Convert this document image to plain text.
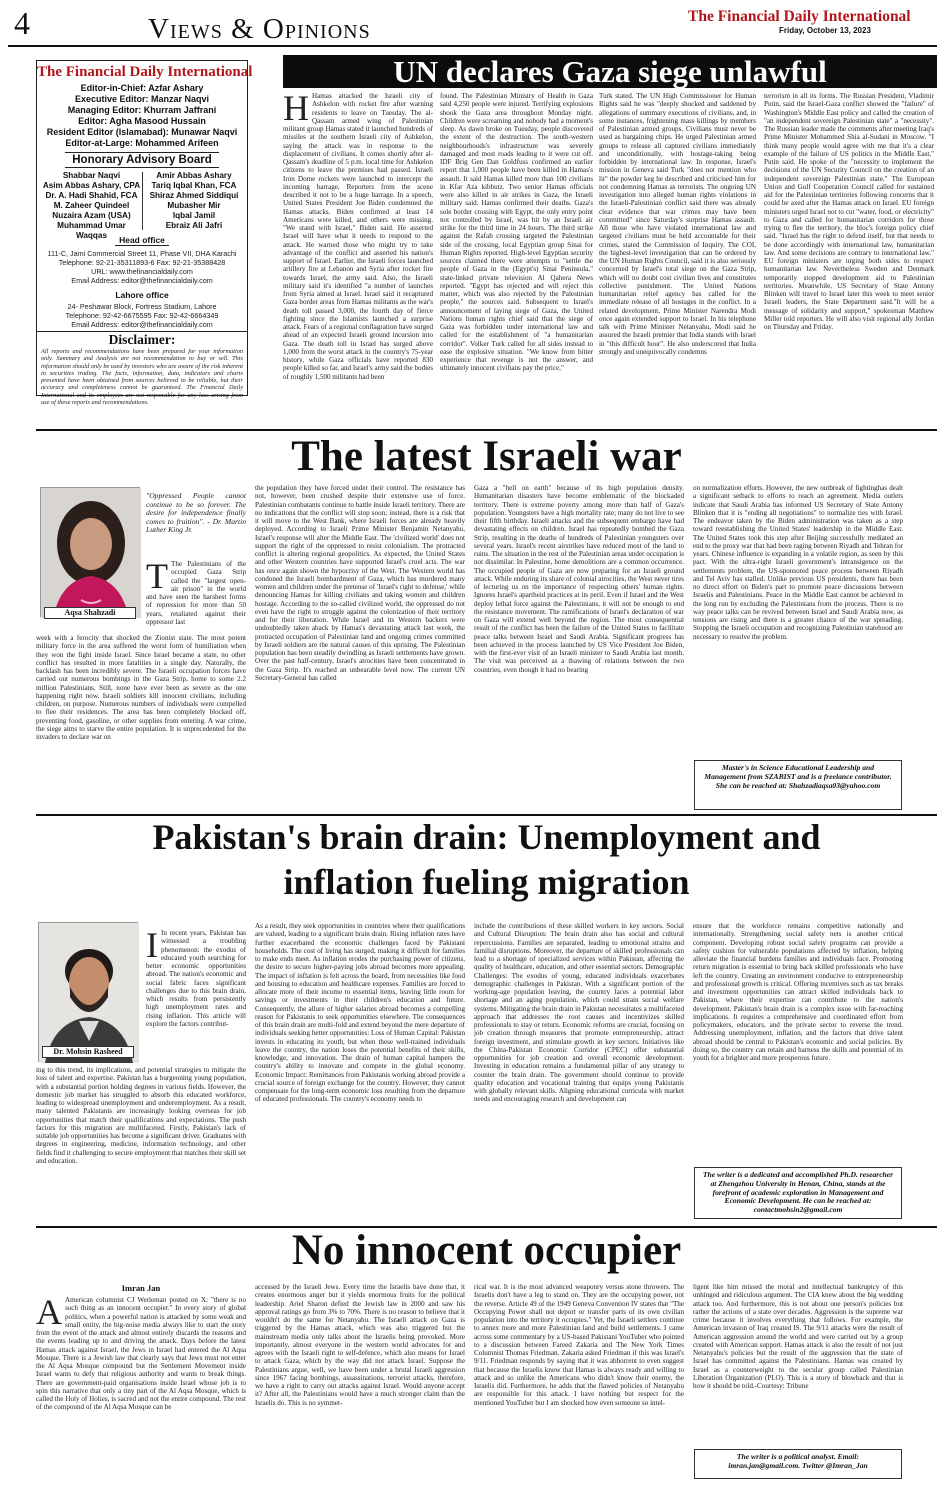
4	Views & Opinions	The Financial Daily International
Friday, October 13, 2023
The Financial Daily International
Editor-in-Chief: Azfar Ashary
Executive Editor: Manzar Naqvi
Managing Editor: Khurram Jaffrani
Editor: Agha Masood Hussain
Resident Editor (Islamabad): Munawar Naqvi
Editor-at-Large: Mohammed Arifeen
Honorary Advisory Board
Shabbar Naqvi
Asim Abbas Ashary, CPA
Dr. A. Hadi Shahid, FCA
M. Zaheer Quindeel
Nuzaira Azam (USA)
Muhammad Umar Waqqas
Amir Abbas Ashary
Tariq Iqbal Khan, FCA
Shiraz Ahmed Siddiqui
Mubasher Mir
Iqbal Jamil
Ebraiz Ali Jafri
Head office
111-C, Jami Commercial Street 11, Phase VII, DHA Karachi
Telephone: 92-21-35311893-6 Fax: 92-21-35388428
URL: www.thefinancialdaily.com
Email Address: editor@thefinancialdaily.com
Lahore office
24- Peshawar Block, Fortress Stadium, Lahore
Telephone: 92-42-6675595 Fax: 92-42-6664349
Email Address: editor@thefinancialdaily.com
Disclaimer:
All reports and recommendations have been prepared for your information only. Summary and Analysis are not recommendation to buy or sell. This information should only be used by investors who are aware of the risk inherent in securities trading. The facts, information, data, indicators and charts presented have been obtained from sources believed to be reliable, but their accuracy and completeness cannot be guaranteed. The Financial Daily International and its employees are not responsible for any loss arising from use of these reports and recommendations.
UN declares Gaza siege unlawful
H Hamas attacked the Israeli city of Ashkelon with rocket fire after warning residents to leave on Tuesday. The al-Qassam armed wing of Palestinian militant group Hamas stated it launched hundreds of missiles at the southern Israeli city of Ashkelon, saying the attack was in response to the displacement of civilians. It comes shortly after al-Qassam's deadline of 5 p.m. local time for Ashkelon citizens to leave the premises had passed. Israeli Iron Dome rockets were launched to intercept the incoming barrage, Reporters from the scene described it not to be a huge barrage. In a speech, United States President Joe Biden condemned the Hamas attacks. Biden confirmed at least 14 Americans were killed, and others were missing. "We stand with Israel," Biden said. He asserted Israel will have what it needs to respond to the attack. He warned those who might try to take advantage of the conflict and asserted his nation's support of Israel. Earlier, the Israeli forces launched artillery fire at Lebanon and Syria after rocket fire towards Israel, the army said. Also, the Israeli military said it's identified "a number of launches from Syria aimed at Israel. Israel said it recaptured Gaza border areas from Hamas militants as the war's death toll passed 3,000, the fourth day of fierce fighting since the Islamists launched a surprise attack. Fears of a regional conflagration have surged ahead of an expected Israeli ground incursion into Gaza. The death toll in Israel has surged above 1,000 from the worst attack in the country's 75-year history, while Gaza officials have reported 830 people killed so far, and Israel's army said the bodies of roughly 1,500 militants had been
found. The Palestinian Ministry of Health in Gaza said 4,250 people were injured. Terrifying explosions shook the Gaza area throughout Monday night. Children were screaming and nobody had a moment's sleep. As dawn broke on Tuesday, people discovered the extent of the destruction. The south-western neighbourhoods's infrastructure was severely damaged and most roads leading to it were cut off. IDF Brig Gen Dan Goldfuss confirmed an earlier report that 1,000 people have been killed in Hamas's assault. It said Hamas killed more than 100 civilians in Kfar Aza kibbutz. Two senior Hamas officials were also killed in air strikes in Gaza, the Israeli military said. Hamas confirmed their deaths. Gaza's sole border crossing with Egypt, the only entry point not controlled by Israel, was hit by an Israeli air strike for the third time in 24 hours. The third strike against the Rafah crossing targeted the Palestinian side of the crossing, local Egyptian group Sinai for Human Rights reported. High-level Egyptian security sources claimed there were attempts to "settle the people of Gaza in the (Egypt's) Sinai Peninsula," state-linked private television Al Qahera News reported. "Egypt has rejected and will reject this matter, which was also rejected by the Palestinian people," the sources said. Subsequent to Israel's announcement of laying siege of Gaza, the United Nations human rights chief said that the siege of Gaza was forbidden under international law and called for the establishment of "a humanitarian corridor". Volker Turk called for all sides instead to ease the explosive situation. "We know from bitter experience that revenge is not the answer, and ultimately innocent civilians pay the price,"
Turk stated. The UN High Commissioner for Human Rights said he was "deeply shocked and saddened by allegations of summary executions of civilians, and, in some instances, frightening mass killings by members of Palestinian armed groups. Civilians must never be used as bargaining chips. He urged Palestinian armed groups to release all captured civilians immediately and unconditionally, with hostage-taking being forbidden by international law. In response, Israel's mission in Geneva said Turk "does not mention who lit" the powder keg he described and criticised him for not condemning Hamas as terrorists. The ongoing UN investigation into alleged human rights violations in the Israeli-Palestinian conflict said there was already clear evidence that war crimes may have been committed" since Saturday's surprise Hamas assault. All those who have violated international law and targeted civilians must be held accountable for their crimes, stated the Commission of Inquiry. The COI, the highest-level investigation that can be ordered by the UN Human Rights Council, said it is also seriously concerned by Israel's total siege on the Gaza Strip, which will no doubt cost civilian lives and constitutes collective punishment. The United Nations humanitarian relief agency has called for the immediate release of all hostages in the conflict. In a related development, Prime Minister Narendra Modi once again extended support to Israel. In his telephone talk with Prime Minister Netanyahu, Modi said he assured the Israeli premier that India stands with Israel in "this difficult hour". He also underscored that India strongly and unequivocally condemns
terrorism in all its forms. The Russian President, Vladimir Putin, said the Israel-Gaza conflict showed the "failure" of Washington's Middle East policy and called the creation of "an independent sovereign Palestinian state" a "necessity". The Russian leader made the comments after meeting Iraq's Prime Minister Mohammed Shia al-Sudani in Moscow. "I think many people would agree with me that it's a clear example of the failure of US politics in the Middle East," Putin said. He spoke of the "necessity to implement the decisions of the UN Security Council on the creation of an independent sovereign Palestinian state." The European Union and Gulf Cooperation Council called for sustained aid for the Palestinian territories following concerns that it could be axed after the Hamas attack on Israel. EU foreign ministers urged Israel not to cut "water, food, or electricity" to Gaza and called for humanitarian corridors for those trying to flee the territory, the bloc's foreign policy chief said. "Israel has the right to defend itself, but that needs to be done accordingly with international law, humanitarian law. And some decisions are contrary to international law." EU foreign ministers are urging both sides to respect humanitarian law. Nevertheless Sweden and Denmark temporarily stopped development aid to Palestinian territories. Meanwhile, US Secretary of State Antony Blinken will travel to Israel later this week to meet senior Israeli leaders, the State Department said."It will be a message of solidarity and support," spokesman Matthew Miller told reporters. He will also visit regional ally Jordan on Thursday and Friday.
The latest Israeli war
Aqsa Shahzadi
"Oppressed People cannot continue to be so forever. The desire for independence finally comes to fruition". - Dr. Martin Luther King Jr.
T The Palestinians of the occupied Gaza Strip called the "largest open-air prison" in the world and have seen the harshest forms of repression for more than 50 years, retaliated against their oppressor last
week with a ferocity that shocked the Zionist state. The most potent military force in the area suffered the worst form of humiliation when they won the fight inside Israel. Since Israel became a state, no other conflict has resulted in more fatalities in a single day. Naturally, the backlash has been incredibly severe. The Israeli occupation forces have carried out numerous bombings in the Gaza Strip, home to some 2.2 million Palestinians. Still, none have ever been as severe as the one happening right now. Israeli soldiers kill innocent civilians, including children, on purpose. Numerous numbers of individuals were compelled to flee their residences. The area has been completely blocked off, preventing food, gasoline, or other supplies from entering. A war crime, the siege aims to starve the entire population. It is unprecedented for the invaders to declare war on
the population they have forced under their control. The resistance has not, however, been crushed despite their extensive use of force. Palestinian combatants continue to battle inside Israeli territory. There are no indications that the conflict will stop soon; instead, there is a risk that it will move to the West Bank, where Israeli forces are already heavily deployed. According to Israeli Prime Minister Benjamin Netanyahu, Israel's response will alter the Middle East. The 'civilized world' does not support the right of the oppressed to resist colonialism. The protracted conflict is altering regional geopolitics. As expected, the United States and other Western countries have supported Israel's cruel acts. The war has once again shown the hypocrisy of the West. The Western world has condoned the Israeli bombardment of Gaza, which has murdered many women and children under the pretense of 'Israel's right to defense,' while denouncing Hamas for killing civilians and taking women and children hostage. According to the so-called civilized world, the oppressed do not even have the right to struggle against the colonization of their territory and for their liberation. While Israel and its Western backers were undoubtedly taken aback by Hamas's devastating attack last week, the protracted occupation of Palestinian land and ongoing crimes committed by Israeli soldiers are the natural causes of this uprising. The Palestinian population has been steadily dwindling as Israeli settlements have grown. Over the past half-century, Israel's atrocities have been concentrated in the Gaza Strip. It's reached an unbearable level now. The current UN Secretary-General has called
Gaza a "hell on earth" because of its high population density. Humanitarian disasters have become emblematic of the blockaded territory. There is extreme poverty among more than half of Gaza's population. Youngsters have a high mortality rate; many do not live to see their fifth birthday. Israeli attacks and the subsequent embargo have had devastating effects on children. Israel has repeatedly bombed the Gaza Strip, resulting in the deaths of hundreds of Palestinian youngsters over several years. Israel's recent airstrikes have reduced most of the land to ruins. The situation in the rest of the Palestinian areas under occupation is not dissimilar. In Palestine, home demolitions are a common occurrence. The occupied people of Gaza are now preparing for an Israeli ground attack. While enduring its share of colonial atrocities, the West never tires of lecturing us on the importance of respecting others' human rights. Ignores Israel's apartheid practices at its peril. Even if Israel and the West deploy lethal force against the Palestinians, it will not be enough to end the resistance movement. The ramifications of Israel's declaration of war on Gaza will extend well beyond the region. The most consequential result of the conflict has been the failure of the United States to facilitate peace talks between Israel and Saudi Arabia. Significant progress has been achieved in the process launched by US Vice President Joe Biden, with the first-ever visit of an Israeli minister to Saudi Arabia last month. The visit was perceived as a thawing of relations between the two countries, even though it had no bearing
on normalization efforts. However, the new outbreak of fightinghas dealt a significant setback to efforts to reach an agreement. Media outlets indicate that Saudi Arabia has informed US Secretary of State Antony Blinken that it is "ending all negotiations" to normalize ties with Israel. The endeavor taken by the Biden administration was taken as a step toward reestablishing the United States' leadership in the Middle East. The United States took this step after Beijing successfully mediated an end to the proxy war that had been raging between Riyadh and Tehran for years. Chinese influence is expanding in a volatile region, as seen by this pact. With the ultra-right Israeli government's intransigence on the settlements problem, the US-sponsored peace process between Riyadh and Tel Aviv has stalled. Unlike previous US presidents, there has been no direct effort on Biden's part to promote peace discussions between Israelis and Palestinians. Peace in the Middle East cannot be achieved in the long run by excluding the Palestinians from the process. There is no way peace talks can be revived between Israel and Saudi Arabia now, as tensions are rising and there is a greater chance of the war spreading. Stopping the Israeli occupation and recognizing Palestinian statehood are necessary to resolve the problem.
Master's in Science Educational Leadership and Management from SZABIST and is a freelance contributor. She can be reached at: Shahzadiaqsa03@yahoo.com
Pakistan's brain drain: Unemployment and
inflation fueling migration
Dr. Mohsin Rasheed
I In recent years, Pakistan has witnessed a troubling phenomenon: the exodus of educated youth searching for better economic opportunities abroad. The nation's economic and social fabric faces significant challenges due to this brain drain, which results from persistently high unemployment rates and rising inflation. This article will explore the factors contribut-
ing to this trend, its implications, and potential strategies to mitigate the loss of talent and expertise. Pakistan has a burgeoning young population, with a substantial portion holding degrees in various fields. However, the domestic job market has struggled to absorb this educated workforce, leading to widespread unemployment and underemployment. As a result, many talented Pakistanis are increasingly looking overseas for job opportunities that match their qualifications and expectations. The push factors for this migration are multifaceted. Firstly, Pakistan's lack of suitable job opportunities has become a significant driver. Graduates with degrees in engineering, medicine, information technology, and other fields find it challenging to secure employment that matches their skill set and education.
As a result, they seek opportunities in countries where their qualifications are valued, leading to a significant brain drain. Rising inflation rates have further exacerbated the economic challenges faced by Pakistani households. The cost of living has surged, making it difficult for families to make ends meet. As inflation erodes the purchasing power of citizens, the desire to secure higher-paying jobs abroad becomes more appealing. The impact of inflation is felt across the board, from necessities like food and housing to education and healthcare expenses. Families are forced to allocate more of their income to essential items, leaving little room for savings or investments in their children's education and future. Consequently, the allure of higher salaries abroad becomes a compelling reason for Pakistanis to seek opportunities elsewhere. The consequences of this brain drain are multi-fold and extend beyond the mere departure of individuals seeking better opportunities: Loss of Human Capital: Pakistan invests in educating its youth, but when these well-trained individuals leave the country, the nation loses the potential benefits of their skills, knowledge, and innovation. The drain of human capital hampers the country's ability to innovate and compete in the global economy. Economic Impact: Remittances from Pakistanis working abroad provide a crucial source of foreign exchange for the country. However, they cannot compensate for the long-term economic loss resulting from the departure of educated professionals. The country's economy needs to
include the contributions of these skilled workers in key sectors. Social and Cultural Disruption: The brain drain also has social and cultural repercussions. Families are separated, leading to emotional strains and familial disruptions. Moreover, the departure of skilled professionals can lead to a shortage of specialized services within Pakistan, affecting the quality of healthcare, education, and other essential sectors. Demographic Challenges: The exodus of young, educated individuals exacerbates demographic challenges in Pakistan. With a significant portion of the working-age population leaving, the country faces a potential labor shortage and an aging population, which could strain social welfare systems. Mitigating the brain drain in Pakistan necessitates a multifaceted approach that addresses the root causes and incentivizes skilled professionals to stay or return. Economic reforms are crucial, focusing on job creation through measures that promote entrepreneurship, attract foreign investment, and stimulate growth in key sectors. Initiatives like the China-Pakistan Economic Corridor (CPEC) offer substantial opportunities for job creation and overall economic development. Investing in education remains a fundamental pillar of any strategy to counter the brain drain. The government should continue to provide quality education and vocational training that equips young Pakistanis with globally relevant skills. Aligning educational curricula with market needs and encouraging research and development can
ensure that the workforce remains competitive nationally and internationally. Strengthening social safety nets is another critical component. Developing robust social safety programs can provide a safety cushion for vulnerable populations affected by inflation, helping alleviate the financial burdens families and individuals face. Promoting return migration is essential to bring back skilled professionals who have left the country. Creating an environment conducive to entrepreneurship and professional growth is critical. Offering incentives such as tax breaks and investment opportunities can attract skilled individuals back to Pakistan, where their expertise can contribute to the nation's development. Pakistan's brain drain is a complex issue with far-reaching implications. It requires a comprehensive and coordinated effort from policymakers, educators, and the private sector to reverse the trend. Addressing unemployment, inflation, and the factors that drive talent abroad should be central to Pakistan's economic and social policies. By doing so, the country can retain and harness the skills and potential of its youth for a brighter and more prosperous future.
The writer is a dedicated and accomplished Ph.D. researcher at Zhengzhou University in Henan, China, stands at the forefront of academic exploration in Management and Economic Development. He can be reached at: contactmohsin2@gmail.com
No innocent occupier
Imran Jan
A American columnist CJ Werleman posted on X: "there is no such thing as an innocent occupier." In every story of global politics, when a powerful nation is attacked by some weak and small entity, the big-noise media always like to start the story from the event of the attack and almost entirely discards the reasons and the events leading up to and driving the attack. Days before the latest Hamas attack against Israel, the Jews in Israel had entered the Al Aqsa Mosque. There is a Jewish law that clearly says that Jews must not enter the Al Aqsa Mosque compound but the Settlement Movement inside Israel wants to defy that religious authority and wants to break things. There are government-paid organisations inside Israel whose job is to spin this narrative that only a tiny part of the Al Aqsa Mosque, which is called the Holy of Holies, is sacred and not the entire compound. The rest of the compound of the Al Aqsa Mosque can be
accessed by the Israeli Jews. Every time the Israelis have done that, it creates enormous anger but it yields enormous fruits for the political leadership. Ariel Sharon defied the Jewish law in 2000 and saw his approval ratings go from 3% to 70%. There is no reason to believe that it wouldn't do the same for Netanyahu. The Israeli attack on Gaza is triggered by the Hamas attack, which was also triggered but the mainstream media only talks about the Israelis being provoked. More importantly, almost everyone in the western world advocates for and agrees with the Israeli right to self-defence, which also means for Israel to attack Gaza, which by the way did not attack Israel. Suppose the Palestinians argue, well, we have been under a brutal Israeli aggression since 1967 facing bombings, assassinations, terrorist attacks, therefore, we have a right to carry out attacks against Israel. Would anyone accept it? After all, the Palestinians would have a much stronger claim than the Israelis do. This is no symmet-
rical war. It is the most advanced weaponry versus stone throwers. The Israelis don't have a leg to stand on. They are the occupying power, not the reverse. Article 49 of the 1949 Geneva Convention IV states that "The Occupying Power shall not deport or transfer parts of its own civilian population into the territory it occupies." Yet, the Israeli settlers continue to annex more and more Palestinian land and build settlements. I came across some commentary by a US-based Pakistani YouTuber who pointed to a discussion between Fareed Zakaria and The New York Times Columnist Thomas Friedman. Zakaria asked Friedman if this was Israel's 9/11. Friedman responds by saying that it was abhorrent to even suggest that because the Israelis know that Hamas is always ready and willing to attack and so unlike the Americans who didn't know their enemy, the Israelis did. Furthermore, he adds that the flawed policies of Netanyahu are responsible for this attack. I have nothing but respect for the mentioned YouTuber but I am shocked how even someone so intel-
ligent like him missed the moral and intellectual bankruptcy of this unhinged and ridiculous argument. The CIA knew about the big wedding attack too. And furthermore, this is not about one person's policies but rather the actions of a state over decades. Aggression is the supreme war crime because it involves everything that follows. For example, the American invasion of Iraq created IS. The 9/11 attacks were the result of American aggression around the world and were carried out by a group created with American support. Hamas attack is also the result of not just Netanyahu's policies but the result of the aggression that the state of Israel has committed against the Palestinians. Hamas was created by Israel as a counterweight to the secular group called Palestinian Liberation Organization (PLO). This is a story of blowback and that is how it should be told.-Courtesy: Tribune
The writer is a political analyst. Email: imran.jan@gmail.com. Twitter @Imran_Jan
